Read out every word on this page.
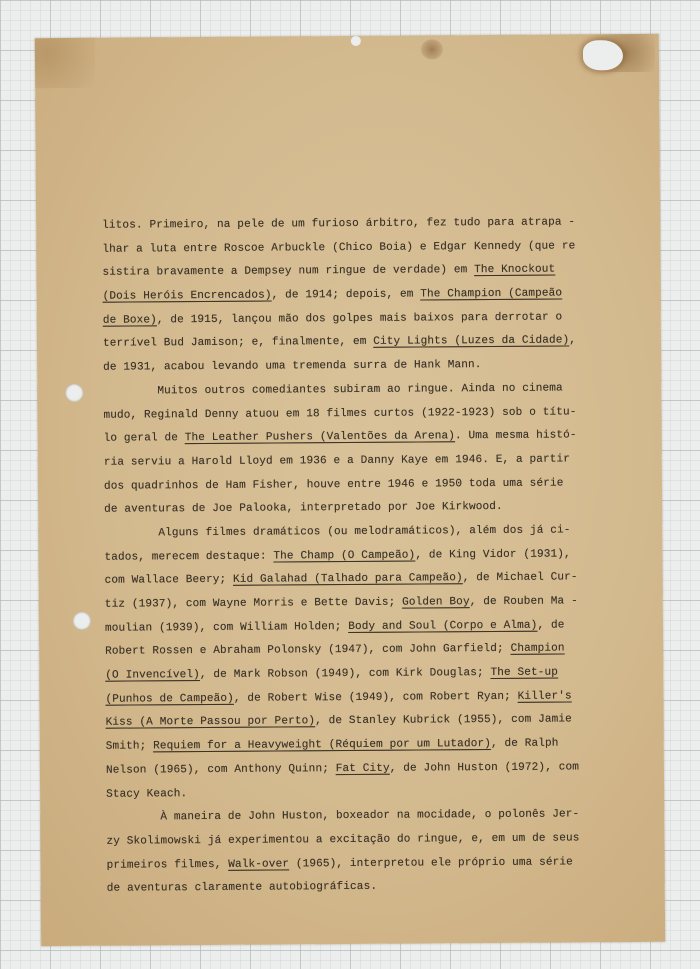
litos. Primeiro, na pele de um furioso árbitro, fez tudo para atrapa -
lhar a luta entre Roscoe Arbuckle (Chico Boia) e Edgar Kennedy (que re
sistira bravamente a Dempsey num ringue de verdade) em The Knockout
(Dois Heróis Encrencados), de 1914; depois, em The Champion (Campeão
de Boxe), de 1915, lançou mão dos golpes mais baixos para derrotar o
terrível Bud Jamison; e, finalmente, em City Lights (Luzes da Cidade),
de 1931, acabou levando uma tremenda surra de Hank Mann.
Muitos outros comediantes subiram ao ringue. Ainda no cinema
mudo, Reginald Denny atuou em 18 filmes curtos (1922-1923) sob o títu-
lo geral de The Leather Pushers (Valentões da Arena). Uma mesma histó-
ria serviu a Harold Lloyd em 1936 e a Danny Kaye em 1946. E, a partir
dos quadrinhos de Ham Fisher, houve entre 1946 e 1950 toda uma série
de aventuras de Joe Palooka, interpretado por Joe Kirkwood.
Alguns filmes dramáticos (ou melodramáticos), além dos já ci-
tados, merecem destaque: The Champ (O Campeão), de King Vidor (1931),
com Wallace Beery; Kid Galahad (Talhado para Campeão), de Michael Cur-
tiz (1937), com Wayne Morris e Bette Davis; Golden Boy, de Rouben Ma -
moulian (1939), com William Holden; Body and Soul (Corpo e Alma), de
Robert Rossen e Abraham Polonsky (1947), com John Garfield; Champion
(O Invencível), de Mark Robson (1949), com Kirk Douglas; The Set-up
(Punhos de Campeão), de Robert Wise (1949), com Robert Ryan; Killer's
Kiss (A Morte Passou por Perto), de Stanley Kubrick (1955), com Jamie
Smith; Requiem for a Heavyweight (Réquiem por um Lutador), de Ralph
Nelson (1965), com Anthony Quinn; Fat City, de John Huston (1972), com
Stacy Keach.
À maneira de John Huston, boxeador na mocidade, o polonês Jer-
zy Skolimowski já experimentou a excitação do ringue, e, em um de seus
primeiros filmes, Walk-over (1965), interpretou ele próprio uma série
de aventuras claramente autobiográficas.
